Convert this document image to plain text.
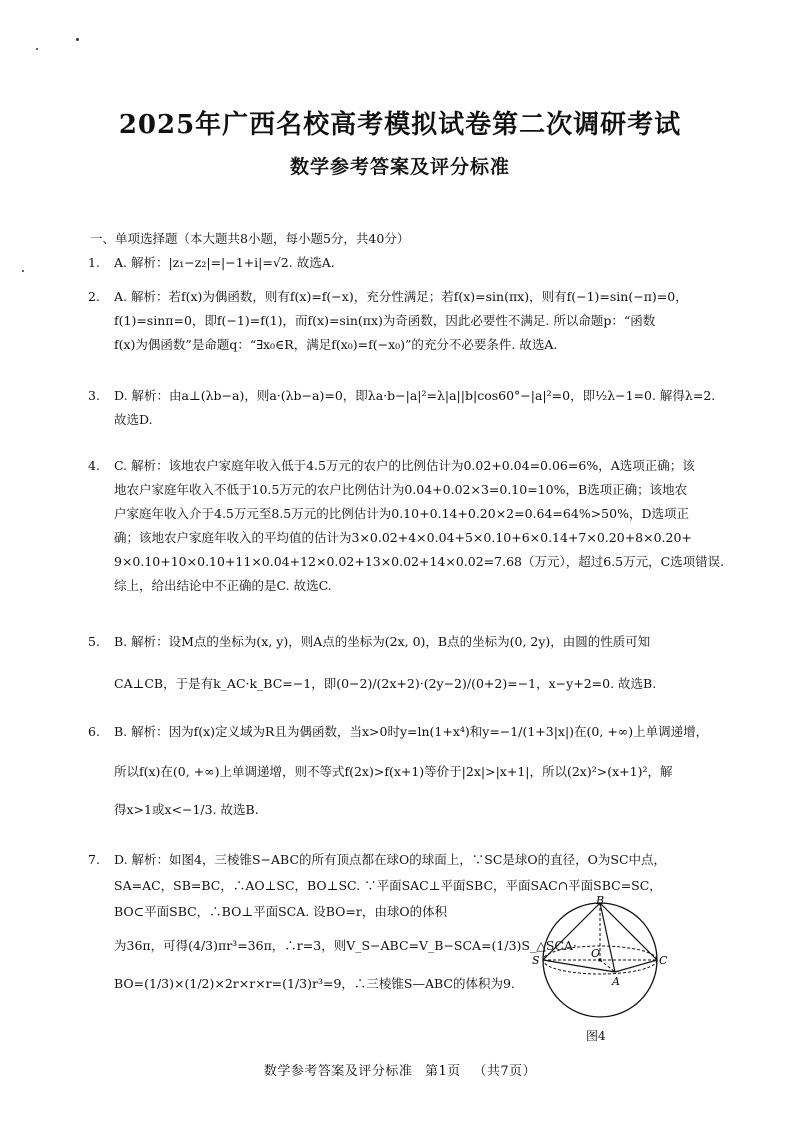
2025年广西名校高考模拟试卷第二次调研考试
数学参考答案及评分标准
一、单项选择题（本大题共8小题，每小题5分，共40分）
1. A. 解析：|z₁−z₂|=|−1+i|=√2. 故选A.
2. A. 解析：若f(x)为偶函数，则有f(x)=f(−x)，充分性满足；若f(x)=sin(πx)，则有f(−1)=sin(−π)=0，
f(1)=sinπ=0，即f(−1)=f(1)，而f(x)=sin(πx)为奇函数，因此必要性不满足. 所以命题p：“函数
f(x)为偶函数”是命题q：“∃x₀∈R，满足f(x₀)=f(−x₀)”的充分不必要条件. 故选A.
3. D. 解析：由a⊥(λb−a)，则a·(λb−a)=0，即λa·b−|a|²=λ|a||b|cos60°−|a|²=0，即½λ−1=0. 解得λ=2.
故选D.
4. C. 解析：该地农户家庭年收入低于4.5万元的农户的比例估计为0.02+0.04=0.06=6%，A选项正确；该
地农户家庭年收入不低于10.5万元的农户比例估计为0.04+0.02×3=0.10=10%，B选项正确；该地农
户家庭年收入介于4.5万元至8.5万元的比例估计为0.10+0.14+0.20×2=0.64=64%>50%，D选项正
确；该地农户家庭年收入的平均值的估计为3×0.02+4×0.04+5×0.10+6×0.14+7×0.20+8×0.20+
9×0.10+10×0.10+11×0.04+12×0.02+13×0.02+14×0.02=7.68（万元），超过6.5万元，C选项错误.
综上，给出结论中不正确的是C. 故选C.
5. B. 解析：设M点的坐标为(x, y)，则A点的坐标为(2x, 0)，B点的坐标为(0, 2y)，由圆的性质可知
CA⊥CB，于是有k_AC·k_BC=−1，即(0−2)/(2x+2)·(2y−2)/(0+2)=−1，x−y+2=0. 故选B.
6. B. 解析：因为f(x)定义域为R且为偶函数，当x>0时y=ln(1+x⁴)和y=−1/(1+3|x|)在(0, +∞)上单调递增，
所以f(x)在(0, +∞)上单调递增，则不等式f(2x)>f(x+1)等价于|2x|>|x+1|，所以(2x)²>(x+1)²，解
得x>1或x<−1/3. 故选B.
7. D. 解析：如图4，三棱锥S−ABC的所有顶点都在球O的球面上，∵SC是球O的直径，O为SC中点，
SA=AC，SB=BC，∴AO⊥SC，BO⊥SC. ∵平面SAC⊥平面SBC，平面SAC∩平面SBC=SC，
BO⊂平面SBC，∴BO⊥平面SCA. 设BO=r，由球O的体积
为36π，可得(4/3)πr³=36π，∴r=3，则V_S−ABC=V_B−SCA=(1/3)S_△SCA·
BO=(1/3)×(1/2)×2r×r×r=(1/3)r³=9，∴三棱锥S—ABC的体积为9.
B
S
O
C
A
图4
数学参考答案及评分标准 第1页 （共7页）
